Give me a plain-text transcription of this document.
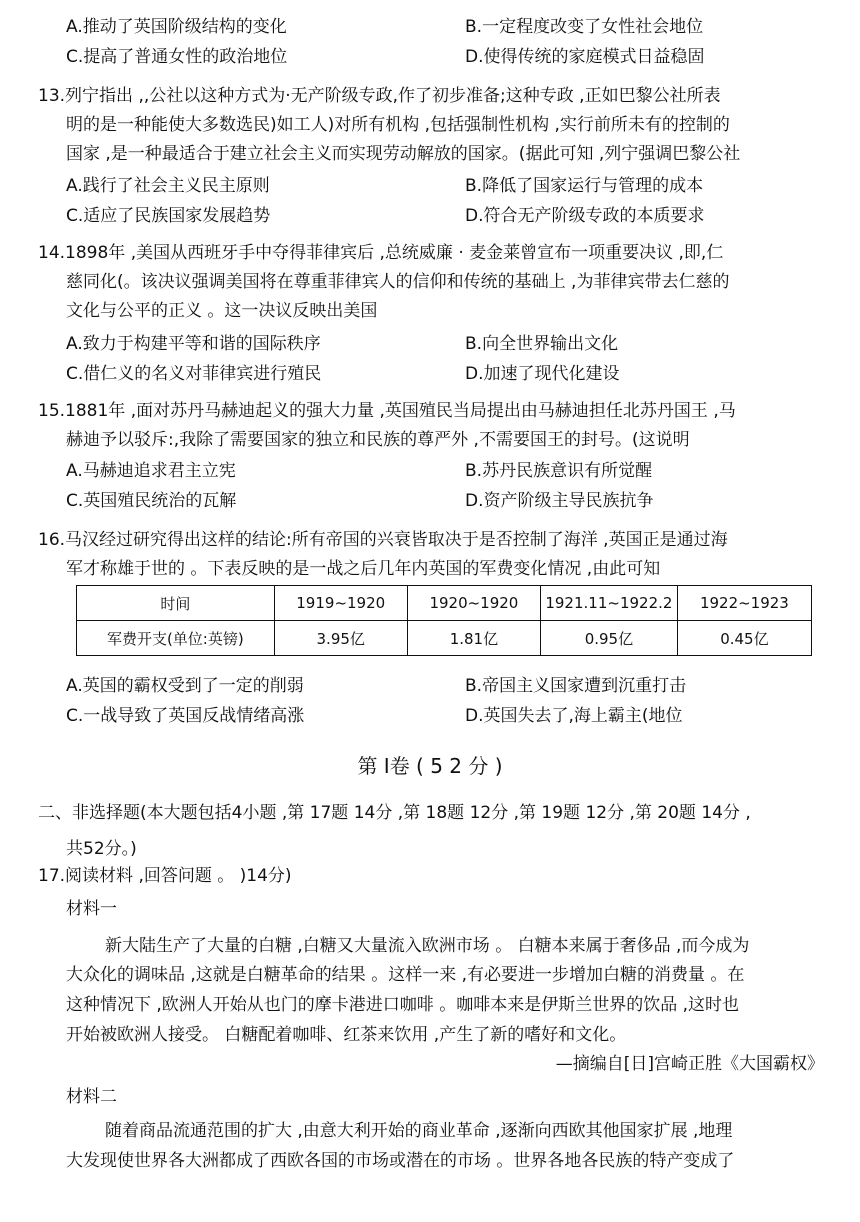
A.推动了英国阶级结构的变化	B.一定程度改变了女性社会地位
C.提高了普通女性的政治地位	D.使得传统的家庭模式日益稳固
13.列宁指出 ,,公社以这种方式为·无产阶级专政,作了初步准备;这种专政 ,正如巴黎公社所表
明的是一种能使大多数选民)如工人)对所有机构 ,包括强制性机构 ,实行前所未有的控制的
国家 ,是一种最适合于建立社会主义而实现劳动解放的国家。(据此可知 ,列宁强调巴黎公社
A.践行了社会主义民主原则	B.降低了国家运行与管理的成本
C.适应了民族国家发展趋势	D.符合无产阶级专政的本质要求
14.1898年 ,美国从西班牙手中夺得菲律宾后 ,总统威廉 · 麦金莱曾宣布一项重要决议 ,即,仁
慈同化(。该决议强调美国将在尊重菲律宾人的信仰和传统的基础上 ,为菲律宾带去仁慈的
文化与公平的正义 。这一决议反映出美国
A.致力于构建平等和谐的国际秩序	B.向全世界输出文化
C.借仁义的名义对菲律宾进行殖民	D.加速了现代化建设
15.1881年 ,面对苏丹马赫迪起义的强大力量 ,英国殖民当局提出由马赫迪担任北苏丹国王 ,马
赫迪予以驳斥:,我除了需要国家的独立和民族的尊严外 ,不需要国王的封号。(这说明
A.马赫迪追求君主立宪	B.苏丹民族意识有所觉醒
C.英国殖民统治的瓦解	D.资产阶级主导民族抗争
16.马汉经过研究得出这样的结论:所有帝国的兴衰皆取决于是否控制了海洋 ,英国正是通过海
军才称雄于世的 。下表反映的是一战之后几年内英国的军费变化情况 ,由此可知
时间	1919~1920	1920~1920	1921.11~1922.2	1922~1923
军费开支(单位:英镑)	3.95亿	1.81亿	0.95亿	0.45亿
A.英国的霸权受到了一定的削弱	B.帝国主义国家遭到沉重打击
C.一战导致了英国反战情绪高涨	D.英国失去了,海上霸主(地位
第 Ⅰ卷 ( 5 2 分 )
二、非选择题(本大题包括4小题 ,第 17题 14分 ,第 18题 12分 ,第 19题 12分 ,第 20题 14分 ,
共52分。)
17.阅读材料 ,回答问题 。 )14分)
材料一
新大陆生产了大量的白糖 ,白糖又大量流入欧洲市场 。 白糖本来属于奢侈品 ,而今成为
大众化的调味品 ,这就是白糖革命的结果 。这样一来 ,有必要进一步增加白糖的消费量 。在
这种情况下 ,欧洲人开始从也门的摩卡港进口咖啡 。咖啡本来是伊斯兰世界的饮品 ,这时也
开始被欧洲人接受。 白糖配着咖啡、红茶来饮用 ,产生了新的嗜好和文化。
—摘编自[日]宫崎正胜《大国霸权》
材料二
随着商品流通范围的扩大 ,由意大利开始的商业革命 ,逐渐向西欧其他国家扩展 ,地理
大发现使世界各大洲都成了西欧各国的市场或潜在的市场 。世界各地各民族的特产变成了
